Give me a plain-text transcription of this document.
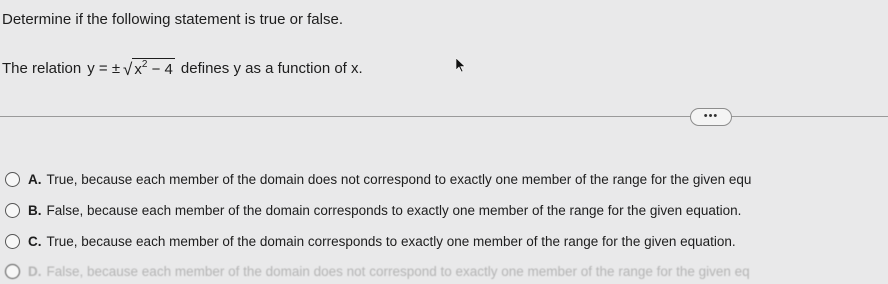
Determine if the following statement is true or false.
The relation y = ± √ $x^2 - 4$ defines y as a function of x.
•••
A. True, because each member of the domain does not correspond to exactly one member of the range for the given equ
B. False, because each member of the domain corresponds to exactly one member of the range for the given equation.
C. True, because each member of the domain corresponds to exactly one member of the range for the given equation.
D. False, because each member of the domain does not correspond to exactly one member of the range for the given eq
